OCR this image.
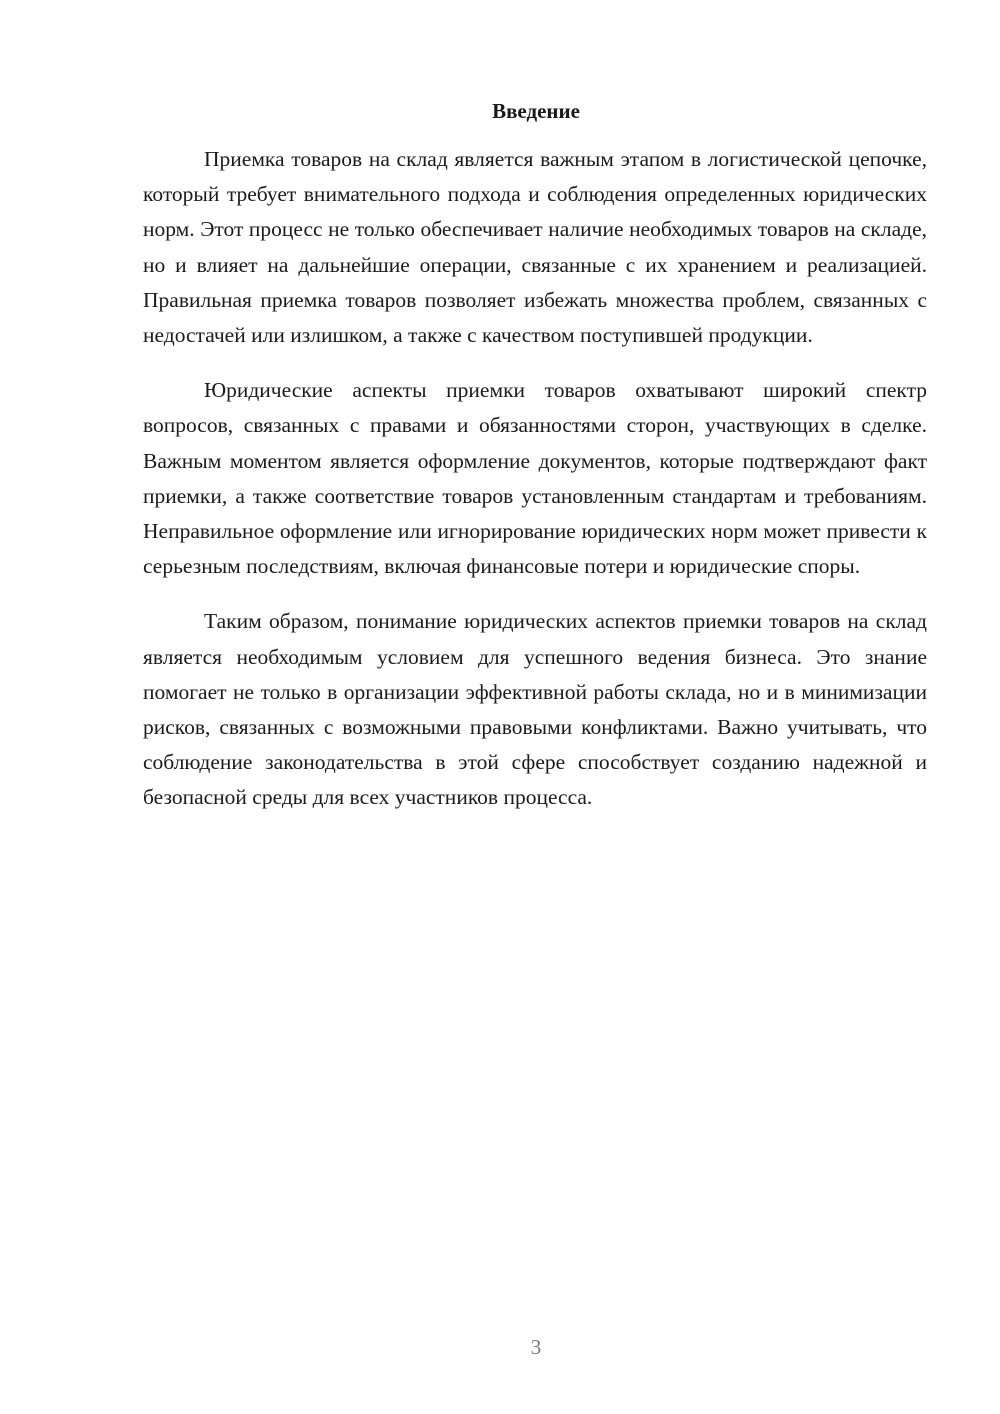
Введение

Приемка товаров на склад является важным этапом в логистической цепочке, который требует внимательного подхода и соблюдения определенных юридических норм. Этот процесс не только обеспечивает наличие необходимых товаров на складе, но и влияет на дальнейшие операции, связанные с их хранением и реализацией. Правильная приемка товаров позволяет избежать множества проблем, связанных с недостачей или излишком, а также с качеством поступившей продукции.

Юридические аспекты приемки товаров охватывают широкий спектр вопросов, связанных с правами и обязанностями сторон, участвующих в сделке. Важным моментом является оформление документов, которые подтверждают факт приемки, а также соответствие товаров установленным стандартам и требованиям. Неправильное оформление или игнорирование юридических норм может привести к серьезным последствиям, включая финансовые потери и юридические споры.

Таким образом, понимание юридических аспектов приемки товаров на склад является необходимым условием для успешного ведения бизнеса. Это знание помогает не только в организации эффективной работы склада, но и в минимизации рисков, связанных с возможными правовыми конфликтами. Важно учитывать, что соблюдение законодательства в этой сфере способствует созданию надежной и безопасной среды для всех участников процесса.

3
